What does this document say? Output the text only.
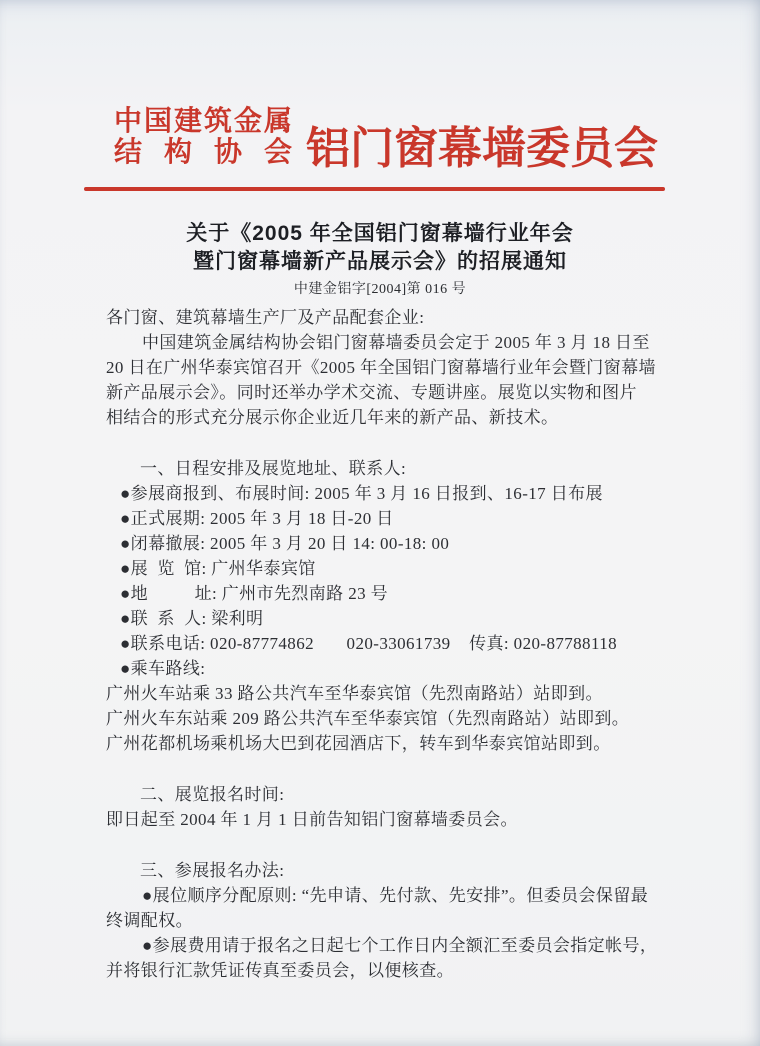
中国建筑金属
结构协会
铝门窗幕墙委员会
关于《2005 年全国铝门窗幕墙行业年会
暨门窗幕墙新产品展示会》的招展通知
中建金铝字[2004]第 016 号
各门窗、建筑幕墙生产厂及产品配套企业:
中国建筑金属结构协会铝门窗幕墙委员会定于 2005 年 3 月 18 日至
20 日在广州华泰宾馆召开《2005 年全国铝门窗幕墙行业年会暨门窗幕墙
新产品展示会》。同时还举办学术交流、专题讲座。展览以实物和图片
相结合的形式充分展示你企业近几年来的新产品、新技术。
一、日程安排及展览地址、联系人:
●参展商报到、布展时间: 2005 年 3 月 16 日报到、16-17 日布展
●正式展期: 2005 年 3 月 18 日-20 日
●闭幕撤展: 2005 年 3 月 20 日 14: 00-18: 00
●展  览  馆: 广州华泰宾馆
●地          址: 广州市先烈南路 23 号
●联  系  人: 梁利明
●联系电话: 020-87774862       020-33061739    传真: 020-87788118
●乘车路线:
广州火车站乘 33 路公共汽车至华泰宾馆（先烈南路站）站即到。
广州火车东站乘 209 路公共汽车至华泰宾馆（先烈南路站）站即到。
广州花都机场乘机场大巴到花园酒店下，转车到华泰宾馆站即到。
二、展览报名时间:
即日起至 2004 年 1 月 1 日前告知铝门窗幕墙委员会。
三、参展报名办法:
●展位顺序分配原则: “先申请、先付款、先安排”。但委员会保留最
终调配权。
●参展费用请于报名之日起七个工作日内全额汇至委员会指定帐号，
并将银行汇款凭证传真至委员会，以便核查。
